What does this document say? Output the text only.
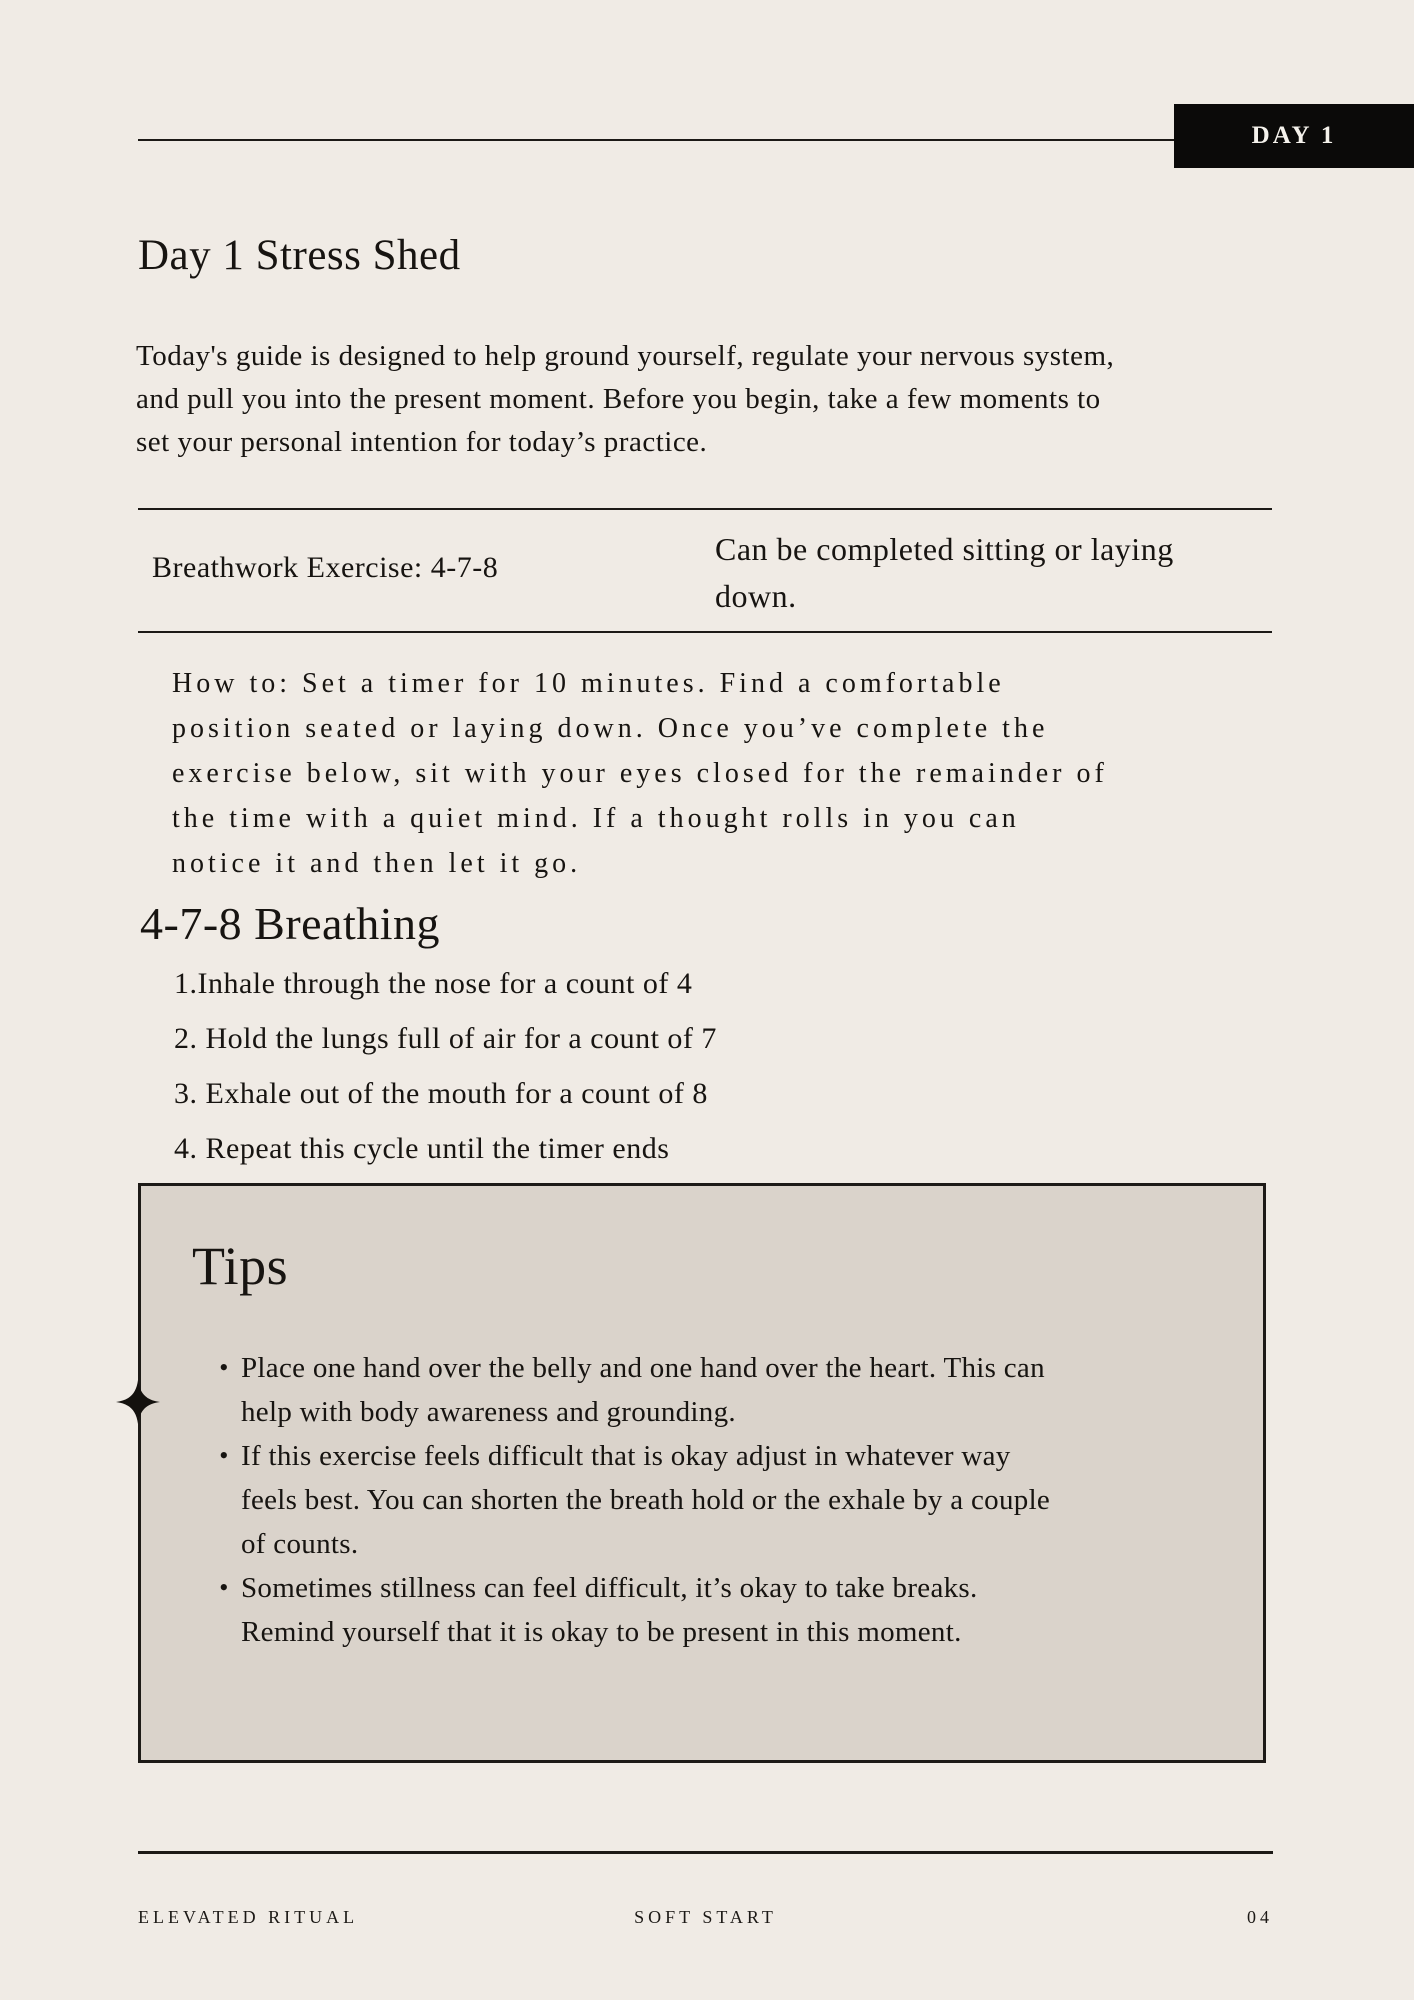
DAY 1
Day 1 Stress Shed
Today's guide is designed to help ground yourself, regulate your nervous system,
and pull you into the present moment. Before you begin, take a few moments to
set your personal intention for today’s practice.
Breathwork Exercise: 4-7-8	Can be completed sitting or laying
down.
How to: Set a timer for 10 minutes. Find a comfortable
position seated or laying down. Once you’ve complete the
exercise below, sit with your eyes closed for the remainder of
the time with a quiet mind. If a thought rolls in you can
notice it and then let it go.
4-7-8 Breathing
1.Inhale through the nose for a count of 4
2. Hold the lungs full of air for a count of 7
3. Exhale out of the mouth for a count of 8
4. Repeat this cycle until the timer ends
Tips
• Place one hand over the belly and one hand over the heart. This can
help with body awareness and grounding.
• If this exercise feels difficult that is okay adjust in whatever way
feels best. You can shorten the breath hold or the exhale by a couple
of counts.
• Sometimes stillness can feel difficult, it’s okay to take breaks.
Remind yourself that it is okay to be present in this moment.
ELEVATED RITUAL	SOFT START	04
